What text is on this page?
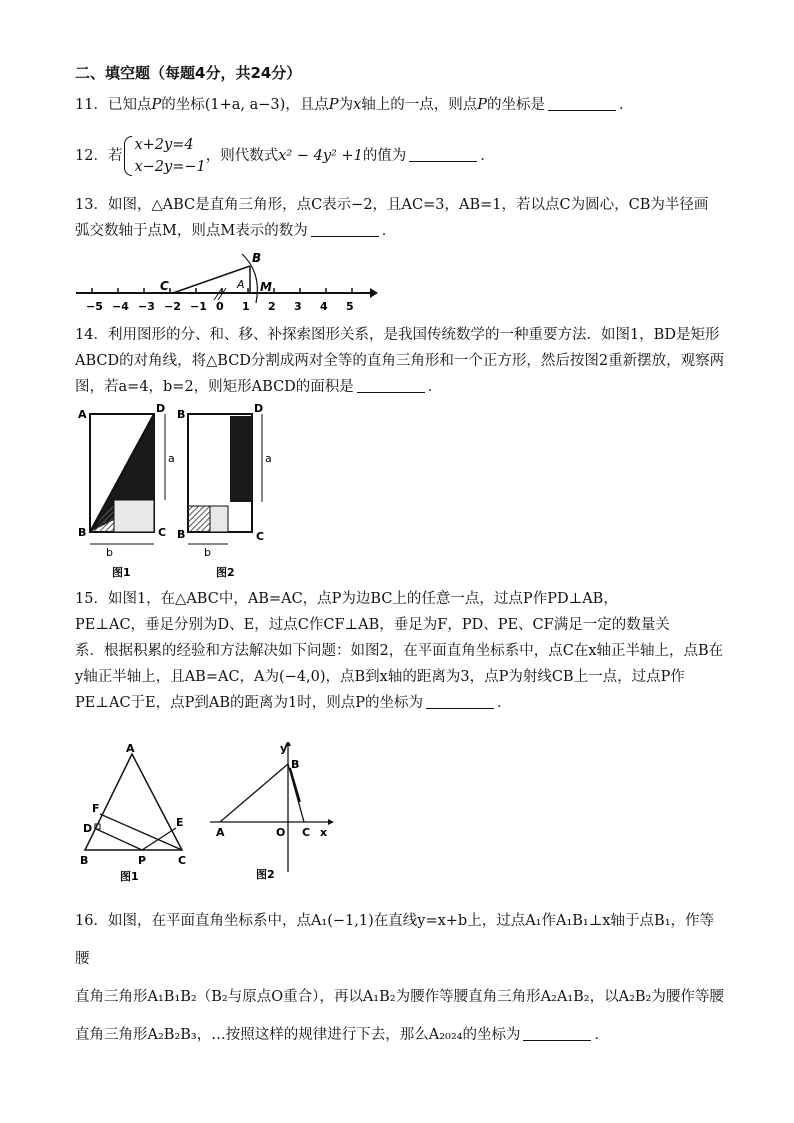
二、填空题（每题4分，共24分）
11．已知点P的坐标(1+a, a−3)，且点P为x轴上的一点，则点P的坐标是	．
12．若
x+2y=4
x−2y=−1
，则代数式x² − 4y² +1的值为	．
13．如图，△ABC是直角三角形，点C表示−2，且AC=3，AB=1，若以点C为圆心，CB为半径画
弧交数轴于点M，则点M表示的数为	．
−5 −4 −3 −2 −1 0 1 2 3 4 5
C
B
A M
14．利用图形的分、和、移、补探索图形关系，是我国传统数学的一种重要方法．如图1，BD是矩形
ABCD的对角线，将△BCD分割成两对全等的直角三角形和一个正方形，然后按图2重新摆放，观察两
图，若a=4，b=2，则矩形ABCD的面积是	．
A	D
B	C
a
b
图1
B	D
B	C
a
b
图2
15．如图1，在△ABC中，AB=AC，点P为边BC上的任意一点，过点P作PD⊥AB，
PE⊥AC，垂足分别为D、E，过点C作CF⊥AB，垂足为F，PD、PE、CF满足一定的数量关
系．根据积累的经验和方法解决如下问题：如图2，在平面直角坐标系中，点C在x轴正半轴上，点B在
y轴正半轴上，且AB=AC，A为(−4,0)，点B到x轴的距离为3，点P为射线CB上一点，过点P作
PE⊥AC于E，点P到AB的距离为1时，则点P的坐标为	．
A
F
D	E
B	P	C
图1
y
B
A	O C x
图2
16．如图，在平面直角坐标系中，点A₁(−1,1)在直线y=x+b上，过点A₁作A₁B₁⊥x轴于点B₁，作等腰
直角三角形A₁B₁B₂（B₂与原点O重合），再以A₁B₂为腰作等腰直角三角形A₂A₁B₂，以A₂B₂为腰作等腰
直角三角形A₂B₂B₃，…按照这样的规律进行下去，那么A₂₀₂₄的坐标为	．
